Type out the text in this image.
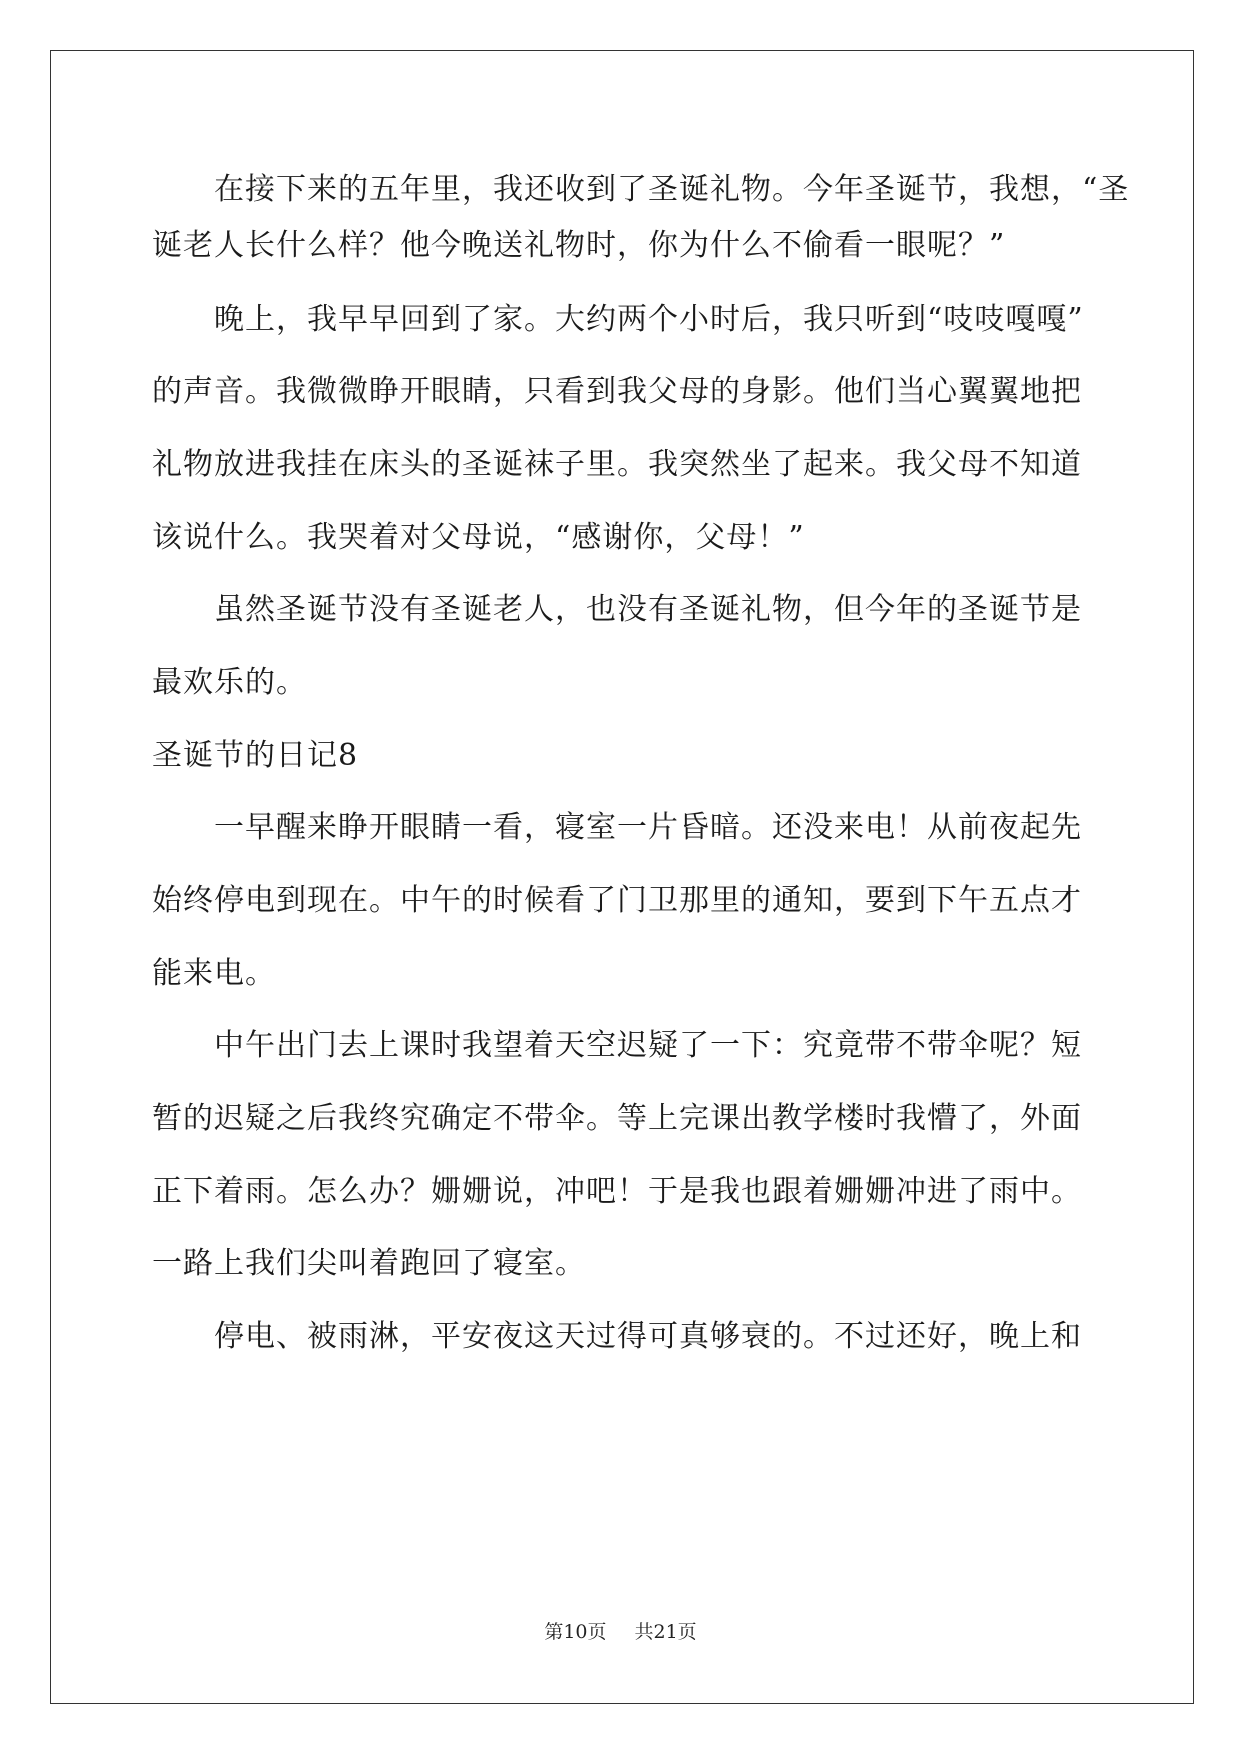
在接下来的五年里，我还收到了圣诞礼物。今年圣诞节，我想，“圣
诞老人长什么样？他今晚送礼物时，你为什么不偷看一眼呢？”
晚上，我早早回到了家。大约两个小时后，我只听到“吱吱嘎嘎”
的声音。我微微睁开眼睛，只看到我父母的身影。他们当心翼翼地把
礼物放进我挂在床头的圣诞袜子里。我突然坐了起来。我父母不知道
该说什么。我哭着对父母说，“感谢你，父母！”
虽然圣诞节没有圣诞老人，也没有圣诞礼物，但今年的圣诞节是
最欢乐的。
圣诞节的日记8
一早醒来睁开眼睛一看，寝室一片昏暗。还没来电！从前夜起先
始终停电到现在。中午的时候看了门卫那里的通知，要到下午五点才
能来电。
中午出门去上课时我望着天空迟疑了一下：究竟带不带伞呢？短
暂的迟疑之后我终究确定不带伞。等上完课出教学楼时我懵了，外面
正下着雨。怎么办？姗姗说，冲吧！于是我也跟着姗姗冲进了雨中。
一路上我们尖叫着跑回了寝室。
停电、被雨淋，平安夜这天过得可真够衰的。不过还好，晚上和
第10页 共21页
